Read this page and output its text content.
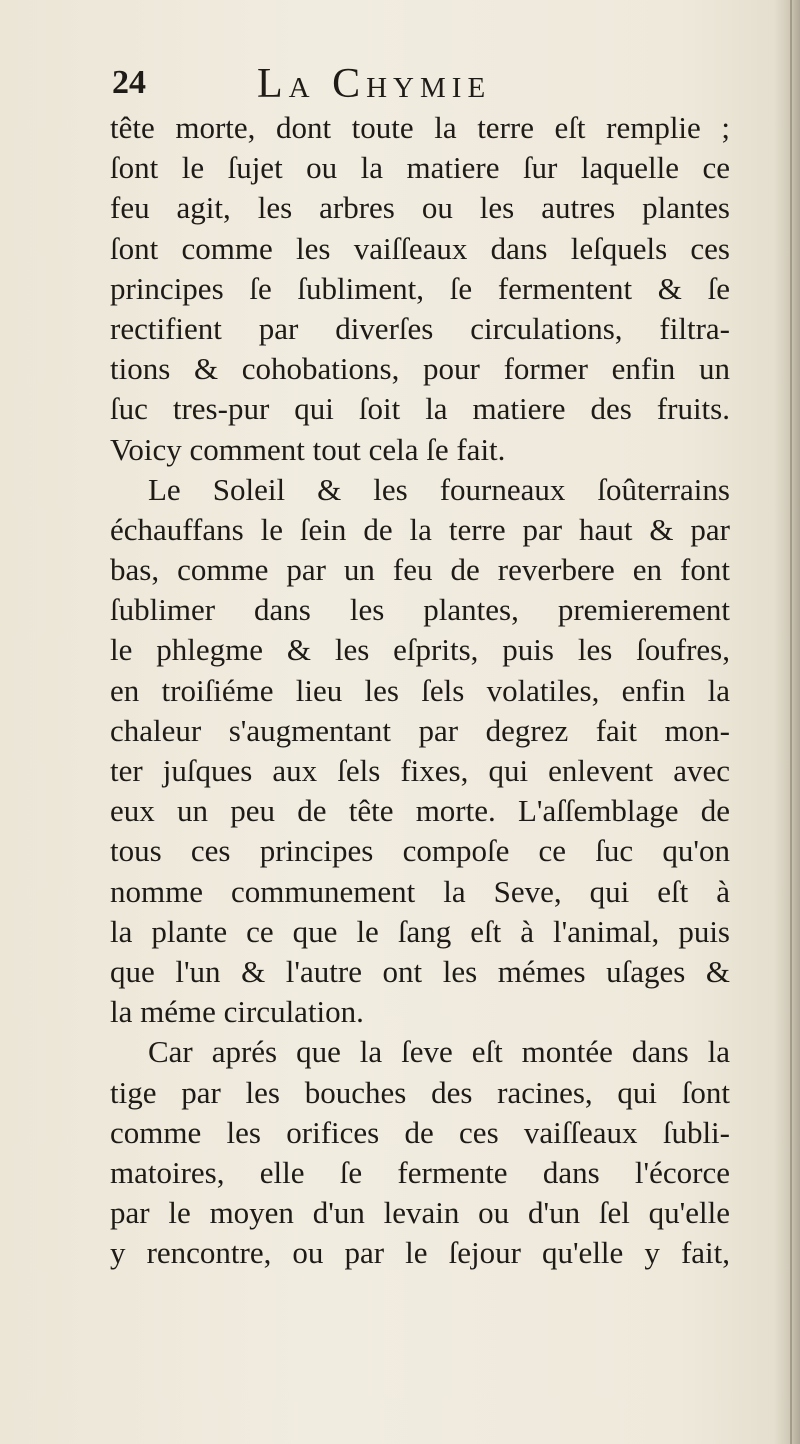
24	La Chymie
tête morte, dont toute la terre eſt remplie ;
ſont le ſujet ou la matiere ſur laquelle ce
feu agit, les arbres ou les autres plantes
ſont comme les vaiſſeaux dans leſquels ces
principes ſe ſubliment, ſe fermentent & ſe
rectifient par diverſes circulations, filtra-
tions & cohobations, pour former enfin un
ſuc tres-pur qui ſoit la matiere des fruits.
Voicy comment tout cela ſe fait.
Le Soleil & les fourneaux ſoûterrains
échauffans le ſein de la terre par haut & par
bas, comme par un feu de reverbere en font
ſublimer dans les plantes, premierement
le phlegme & les eſprits, puis les ſoufres,
en troiſiéme lieu les ſels volatiles, enfin la
chaleur s'augmentant par degrez fait mon-
ter juſques aux ſels fixes, qui enlevent avec
eux un peu de tête morte. L'aſſemblage de
tous ces principes compoſe ce ſuc qu'on
nomme communement la Seve, qui eſt à
la plante ce que le ſang eſt à l'animal, puis
que l'un & l'autre ont les mémes uſages &
la méme circulation.
Car aprés que la ſeve eſt montée dans la
tige par les bouches des racines, qui ſont
comme les orifices de ces vaiſſeaux ſubli-
matoires, elle ſe fermente dans l'écorce
par le moyen d'un levain ou d'un ſel qu'elle
y rencontre, ou par le ſejour qu'elle y fait,
